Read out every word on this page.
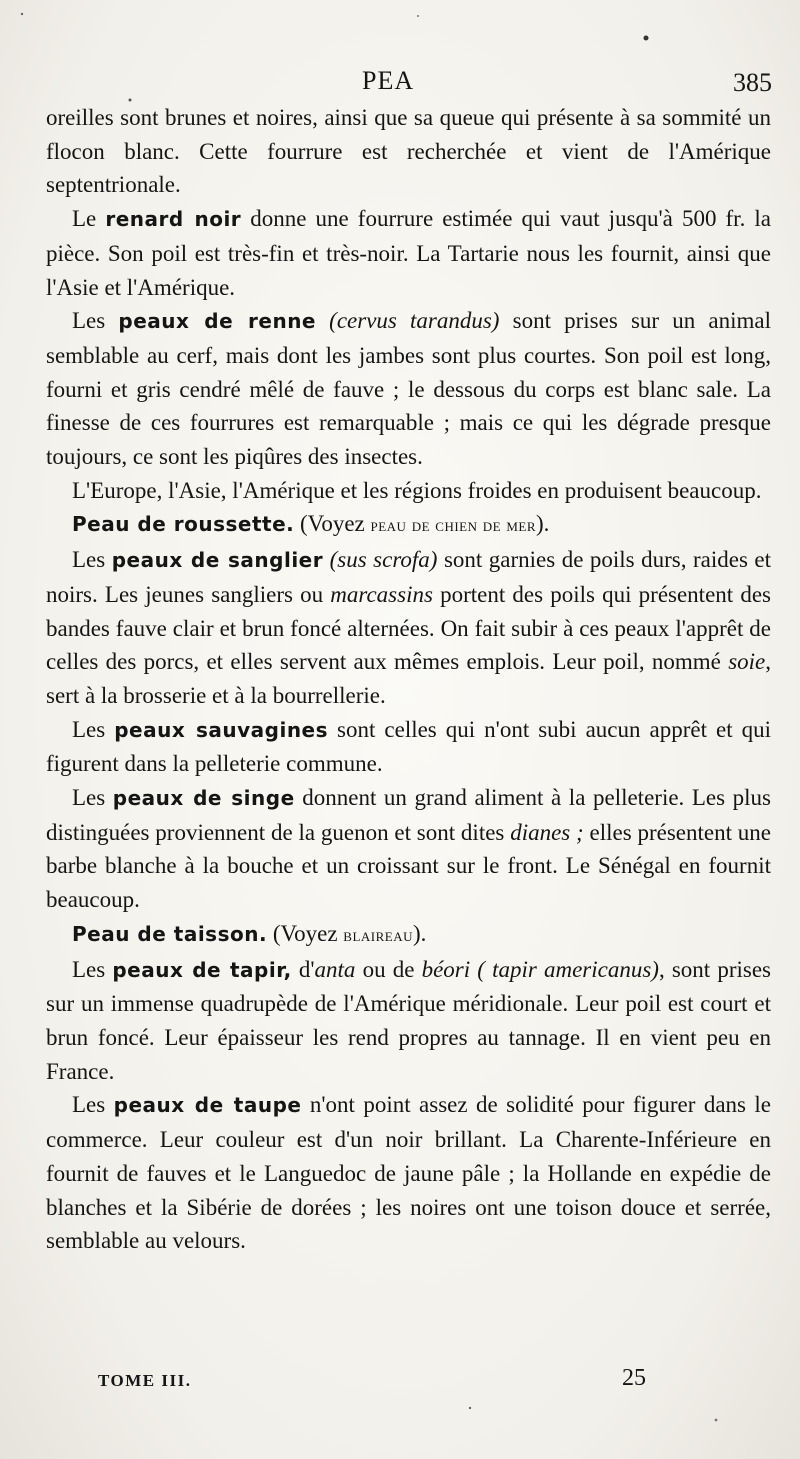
PEA	385

oreilles sont brunes et noires, ainsi que sa queue qui présente à sa sommité un flocon blanc. Cette fourrure est recherchée et vient de l'Amérique septentrionale.

Le renard noir donne une fourrure estimée qui vaut jusqu'à 500 fr. la pièce. Son poil est très-fin et très-noir. La Tartarie nous les fournit, ainsi que l'Asie et l'Amérique.

Les peaux de renne (cervus tarandus) sont prises sur un animal semblable au cerf, mais dont les jambes sont plus courtes. Son poil est long, fourni et gris cendré mêlé de fauve ; le dessous du corps est blanc sale. La finesse de ces fourrures est remarquable ; mais ce qui les dégrade presque toujours, ce sont les piqûres des insectes.

L'Europe, l'Asie, l'Amérique et les régions froides en produisent beaucoup.

Peau de roussette. (Voyez peau de chien de mer).

Les peaux de sanglier (sus scrofa) sont garnies de poils durs, raides et noirs. Les jeunes sangliers ou marcassins portent des poils qui présentent des bandes fauve clair et brun foncé alternées. On fait subir à ces peaux l'apprêt de celles des porcs, et elles servent aux mêmes emplois. Leur poil, nommé soie, sert à la brosserie et à la bourrellerie.

Les peaux sauvagines sont celles qui n'ont subi aucun apprêt et qui figurent dans la pelleterie commune.

Les peaux de singe donnent un grand aliment à la pelleterie. Les plus distinguées proviennent de la guenon et sont dites dianes ; elles présentent une barbe blanche à la bouche et un croissant sur le front. Le Sénégal en fournit beaucoup.

Peau de taisson. (Voyez blaireau).

Les peaux de tapir, d'anta ou de béori ( tapir americanus), sont prises sur un immense quadrupède de l'Amérique méridionale. Leur poil est court et brun foncé. Leur épaisseur les rend propres au tannage. Il en vient peu en France.

Les peaux de taupe n'ont point assez de solidité pour figurer dans le commerce. Leur couleur est d'un noir brillant. La Charente-Inférieure en fournit de fauves et le Languedoc de jaune pâle ; la Hollande en expédie de blanches et la Sibérie de dorées ; les noires ont une toison douce et serrée, semblable au velours.

TOME III.	25
